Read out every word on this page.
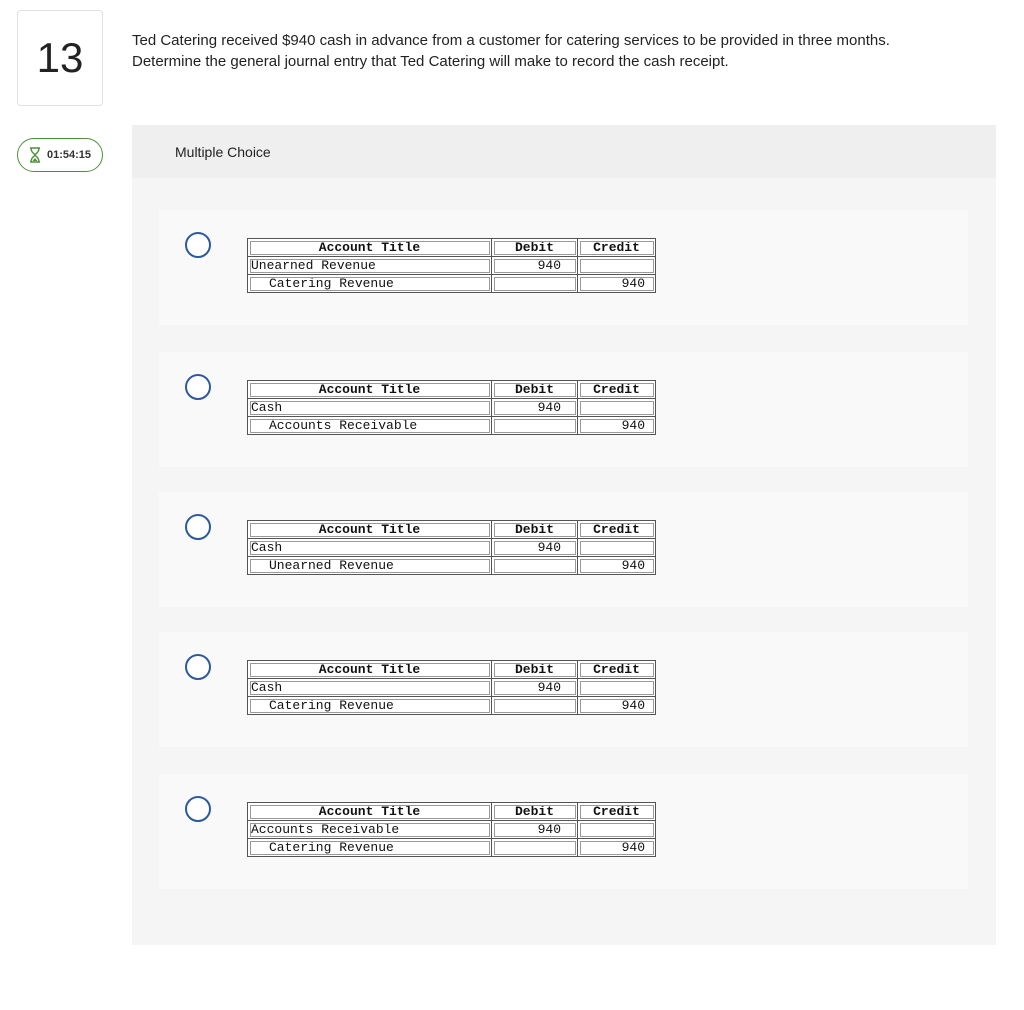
13	Ted Catering received $940 cash in advance from a customer for catering services to be provided in three months.
Determine the general journal entry that Ted Catering will make to record the cash receipt.
01:54:15	Multiple Choice
Account Title	Debit	Credit
Unearned Revenue	940	
Catering Revenue		940
Account Title	Debit	Credit
Cash	940	
Accounts Receivable		940
Account Title	Debit	Credit
Cash	940	
Unearned Revenue		940
Account Title	Debit	Credit
Cash	940	
Catering Revenue		940
Account Title	Debit	Credit
Accounts Receivable	940	
Catering Revenue		940
